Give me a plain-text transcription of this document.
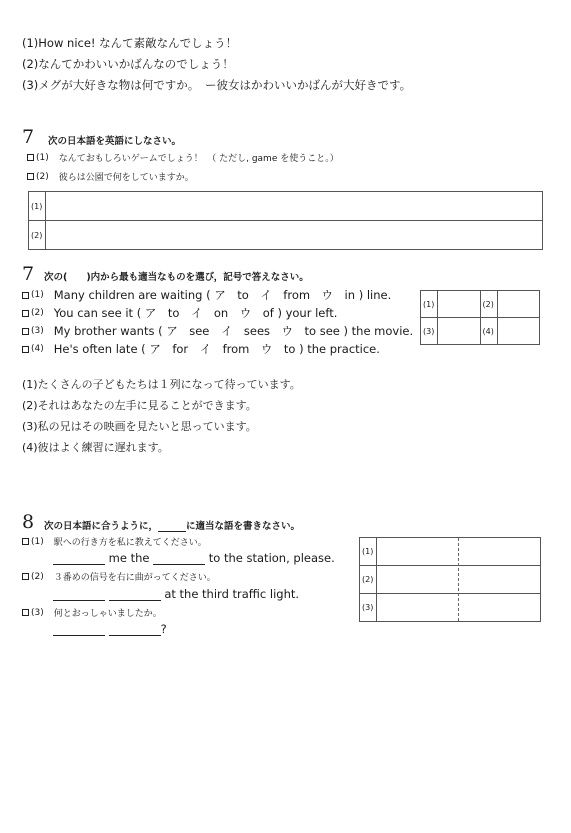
(1)How nice! なんて素敵なんでしょう！
(2)なんてかわいいかばんなのでしょう！
(3)メグが大好きな物は何ですか。　ー彼女はかわいいかばんが大好きです。
7 次の日本語を英語にしなさい。
(1) なんておもしろいゲームでしょう！　（ ただし, game を使うこと。）
(2) 彼らは公園で何をしていますか。
(1)	
(2)	
7 次の(　　)内から最も適当なものを選び，記号で答えなさい。
(1) Many children are waiting ( ア　to　イ　from　ウ　in ) line.
(2) You can see it ( ア　to　イ　on　ウ　of ) your left.
(3) My brother wants ( ア　see　イ　sees　ウ　to see ) the movie.
(4) He's often late ( ア　for　イ　from　ウ　to ) the practice.
(1)		(2)	
(3)		(4)	
(1)たくさんの子どもたちは１列になって待っています。
(2)それはあなたの左手に見ることができます。
(3)私の兄はその映画を見たいと思っています。
(4)彼はよく練習に遅れます。
8 次の日本語に合うように，	に適当な語を書きなさい。
(1) 駅への行き方を私に教えてください。
me the	to the station, please.
(2) ３番めの信号を右に曲がってください。
at the third traffic light.
(3) 何とおっしゃいましたか。
?
(1)	
(2)	
(3)	
